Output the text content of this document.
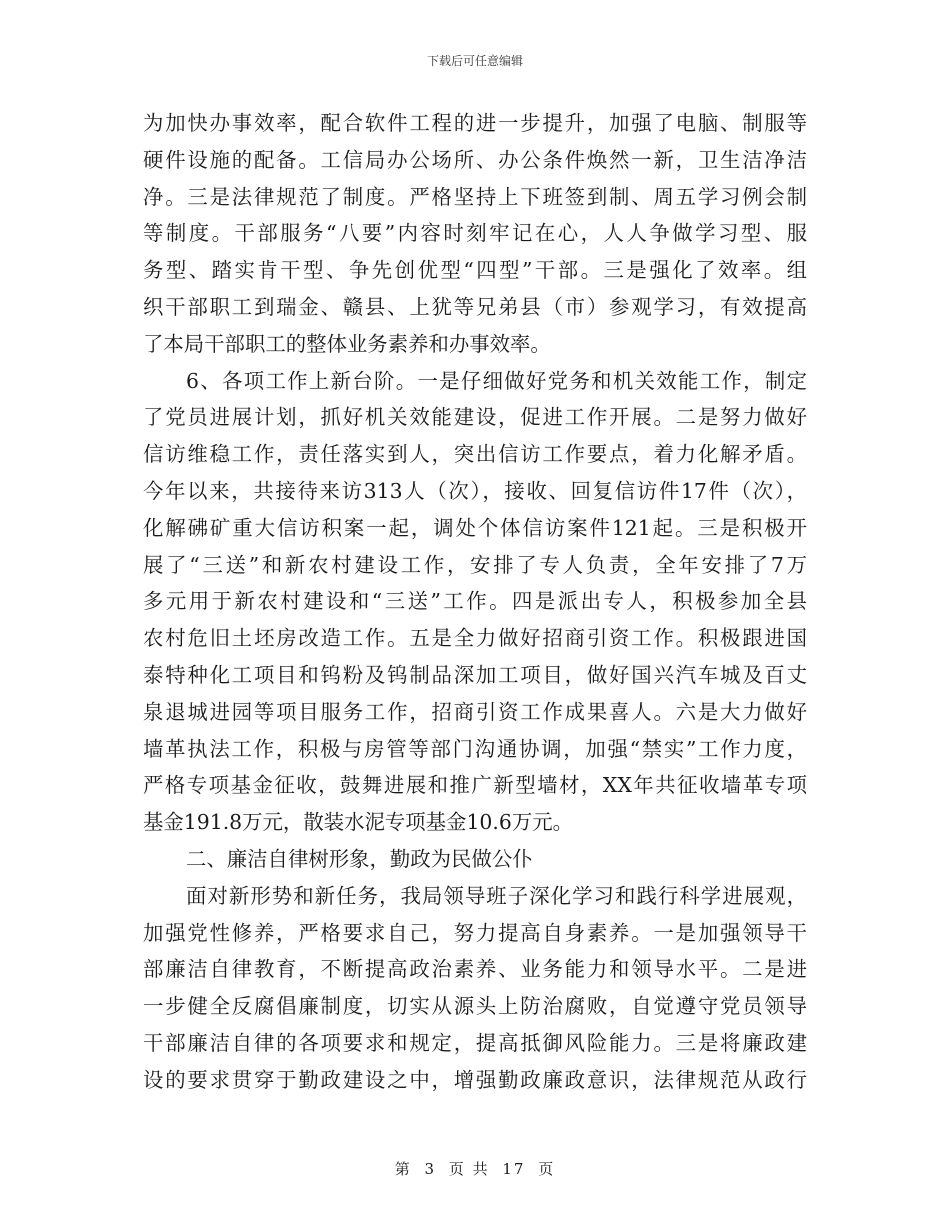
下载后可任意编辑
为加快办事效率，配合软件工程的进一步提升，加强了电脑、制服等
硬件设施的配备。工信局办公场所、办公条件焕然一新，卫生洁净洁
净。三是法律规范了制度。严格坚持上下班签到制、周五学习例会制
等制度。干部服务“八要”内容时刻牢记在心，人人争做学习型、服
务型、踏实肯干型、争先创优型“四型”干部。三是强化了效率。组
织干部职工到瑞金、赣县、上犹等兄弟县（市）参观学习，有效提高
了本局干部职工的整体业务素养和办事效率。
6、各项工作上新台阶。一是仔细做好党务和机关效能工作，制定
了党员进展计划，抓好机关效能建设，促进工作开展。二是努力做好
信访维稳工作，责任落实到人，突出信访工作要点，着力化解矛盾。
今年以来，共接待来访313人（次），接收、回复信访件17件（次），
化解砩矿重大信访积案一起，调处个体信访案件121起。三是积极开
展了“三送”和新农村建设工作，安排了专人负责，全年安排了7万
多元用于新农村建设和“三送”工作。四是派出专人，积极参加全县
农村危旧土坯房改造工作。五是全力做好招商引资工作。积极跟进国
泰特种化工项目和钨粉及钨制品深加工项目，做好国兴汽车城及百丈
泉退城进园等项目服务工作，招商引资工作成果喜人。六是大力做好
墙革执法工作，积极与房管等部门沟通协调，加强“禁实”工作力度，
严格专项基金征收，鼓舞进展和推广新型墙材，XX年共征收墙革专项
基金191.8万元，散装水泥专项基金10.6万元。
二、廉洁自律树形象，勤政为民做公仆
面对新形势和新任务，我局领导班子深化学习和践行科学进展观，
加强党性修养，严格要求自己，努力提高自身素养。一是加强领导干
部廉洁自律教育，不断提高政治素养、业务能力和领导水平。二是进
一步健全反腐倡廉制度，切实从源头上防治腐败，自觉遵守党员领导
干部廉洁自律的各项要求和规定，提高抵御风险能力。三是将廉政建
设的要求贯穿于勤政建设之中，增强勤政廉政意识，法律规范从政行
第 3 页 共 17 页
